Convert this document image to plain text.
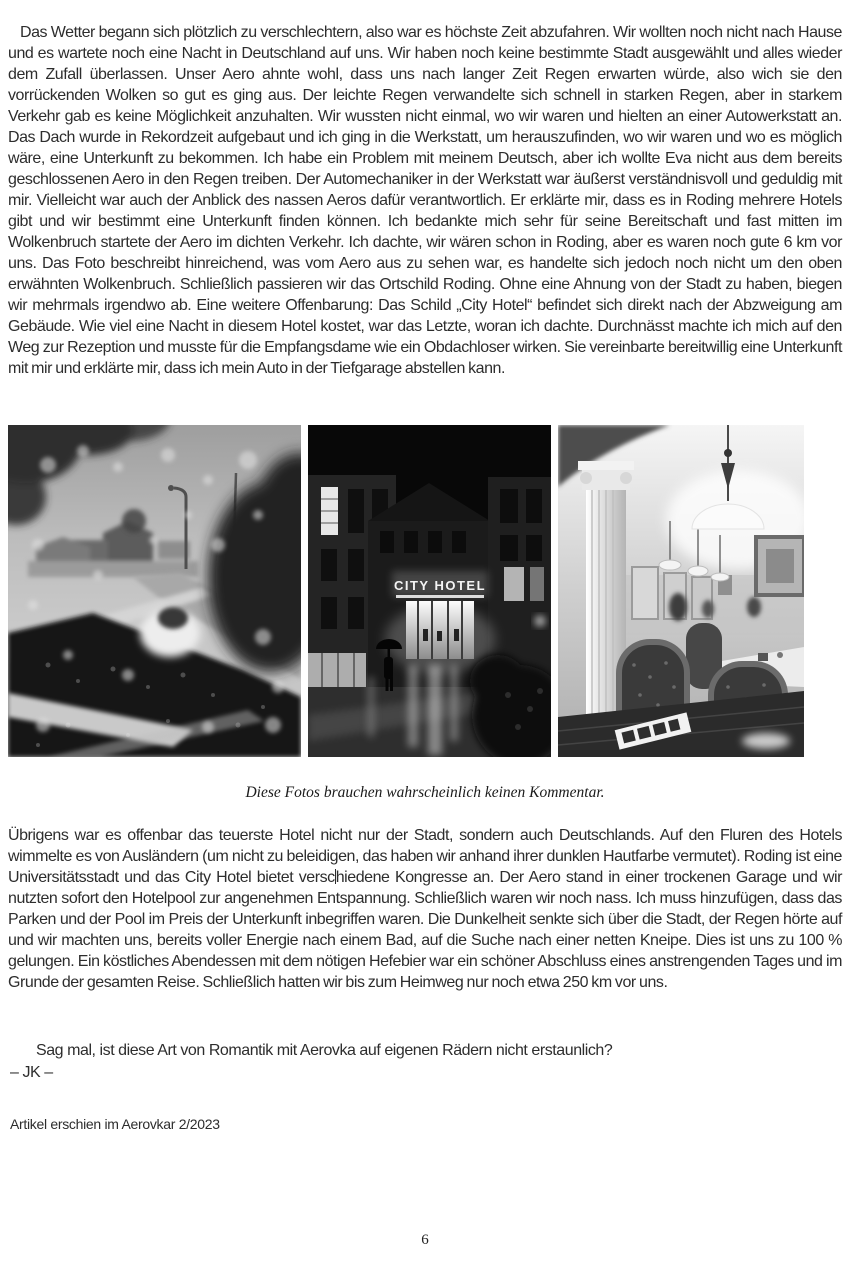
Das Wetter begann sich plötzlich zu verschlechtern, also war es höchste Zeit abzufahren. Wir wollten noch nicht nach Hause und es wartete noch eine Nacht in Deutschland auf uns. Wir haben noch keine bestimmte Stadt ausgewählt und alles wieder dem Zufall überlassen. Unser Aero ahnte wohl, dass uns nach langer Zeit Regen erwarten würde, also wich sie den vorrückenden Wolken so gut es ging aus. Der leichte Regen verwandelte sich schnell in starken Regen, aber in starkem Verkehr gab es keine Möglichkeit anzuhalten. Wir wussten nicht einmal, wo wir waren und hielten an einer Autowerkstatt an. Das Dach wurde in Rekordzeit aufgebaut und ich ging in die Werkstatt, um herauszufinden, wo wir waren und wo es möglich wäre, eine Unterkunft zu bekommen. Ich habe ein Problem mit meinem Deutsch, aber ich wollte Eva nicht aus dem bereits geschlossenen Aero in den Regen treiben. Der Automechaniker in der Werkstatt war äußerst verständnisvoll und geduldig mit mir. Vielleicht war auch der Anblick des nassen Aeros dafür verantwortlich. Er erklärte mir, dass es in Roding mehrere Hotels gibt und wir bestimmt eine Unterkunft finden können. Ich bedankte mich sehr für seine Bereitschaft und fast mitten im Wolkenbruch startete der Aero im dichten Verkehr. Ich dachte, wir wären schon in Roding, aber es waren noch gute 6 km vor uns. Das Foto beschreibt hinreichend, was vom Aero aus zu sehen war, es handelte sich jedoch noch nicht um den oben erwähnten Wolkenbruch. Schließlich passieren wir das Ortschild Roding. Ohne eine Ahnung von der Stadt zu haben, biegen wir mehrmals irgendwo ab. Eine weitere Offenbarung: Das Schild „City Hotel“ befindet sich direkt nach der Abzweigung am Gebäude. Wie viel eine Nacht in diesem Hotel kostet, war das Letzte, woran ich dachte. Durchnässt machte ich mich auf den Weg zur Rezeption und musste für die Empfangsdame wie ein Obdachloser wirken. Sie vereinbarte bereitwillig eine Unterkunft mit mir und erklärte mir, dass ich mein Auto in der Tiefgarage abstellen kann.

CITY HOTEL
Diese Fotos brauchen wahrscheinlich keinen Kommentar.

Übrigens war es offenbar das teuerste Hotel nicht nur der Stadt, sondern auch Deutschlands. Auf den Fluren des Hotels wimmelte es von Ausländern (um nicht zu beleidigen, das haben wir anhand ihrer dunklen Hautfarbe vermutet). Roding ist eine Universitätsstadt und das City Hotel bietet verschiedene Kongresse an. Der Aero stand in einer trockenen Garage und wir nutzten sofort den Hotelpool zur angenehmen Entspannung. Schließlich waren wir noch nass. Ich muss hinzufügen, dass das Parken und der Pool im Preis der Unterkunft inbegriffen waren. Die Dunkelheit senkte sich über die Stadt, der Regen hörte auf und wir machten uns, bereits voller Energie nach einem Bad, auf die Suche nach einer netten Kneipe. Dies ist uns zu 100 % gelungen. Ein köstliches Abendessen mit dem nötigen Hefebier war ein schöner Abschluss eines anstrengenden Tages und im Grunde der gesamten Reise. Schließlich hatten wir bis zum Heimweg nur noch etwa 250 km vor uns.

Sag mal, ist diese Art von Romantik mit Aerovka auf eigenen Rädern nicht erstaunlich?

– JK –

Artikel erschien im Aerovkar 2/2023

6
